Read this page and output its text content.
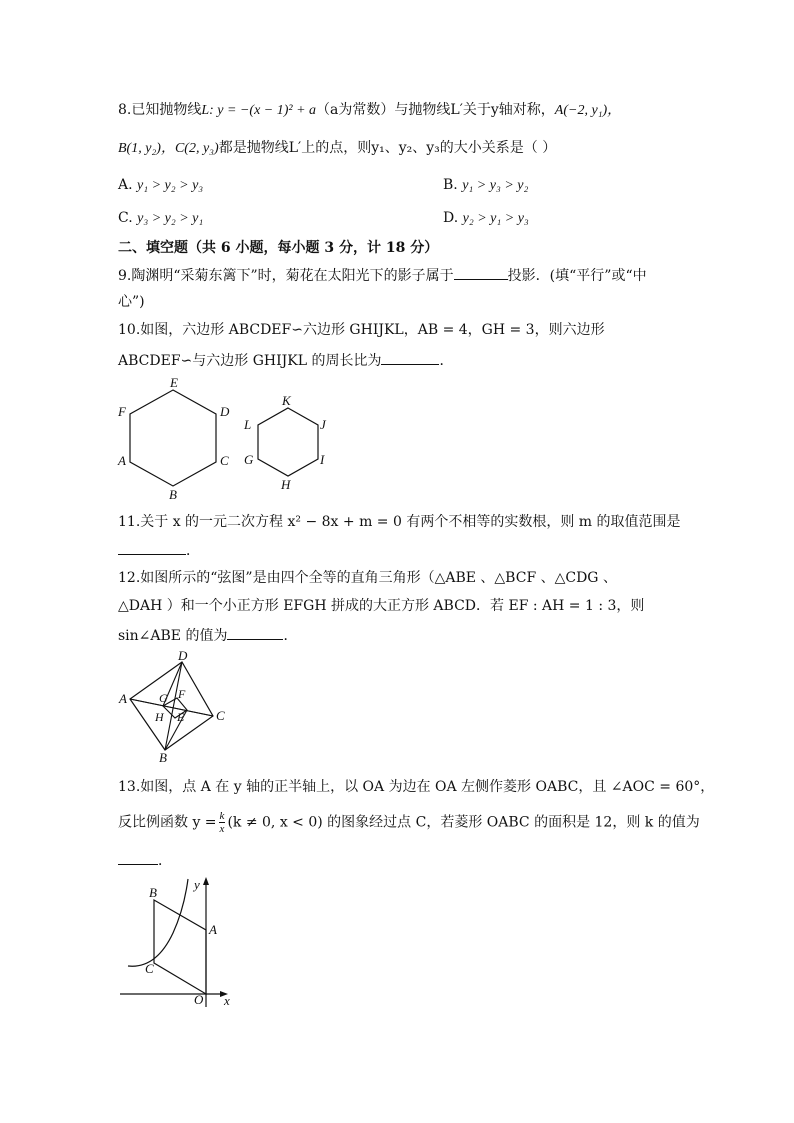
8.已知抛物线L: y = −(x − 1)² + a（a为常数）与抛物线L′关于y轴对称，A(−2, y₁)，
B(1, y₂)，C(2, y₃)都是抛物线L′上的点，则y₁、y₂、y₃的大小关系是（ ）
A. y₁ > y₂ > y₃	B. y₁ > y₃ > y₂
C. y₃ > y₂ > y₁	D. y₂ > y₁ > y₃
二、填空题（共 6 小题，每小题 3 分，计 18 分）
9.陶渊明“采菊东篱下”时，菊花在太阳光下的影子属于	投影．(填“平行”或“中
心”)
10.如图，六边形 ABCDEF∽六边形 GHIJKL，AB = 4，GH = 3，则六边形
ABCDEF∽与六边形 GHIJKL 的周长比为	．
E
D
C
B
A
F
K
J
I
H
G
L
11.关于 x 的一元二次方程 x² − 8x + m = 0 有两个不相等的实数根，则 m 的取值范围是
．
12.如图所示的“弦图”是由四个全等的直角三角形（△ABE 、△BCF 、△CDG 、
△DAH ）和一个小正方形 EFGH 拼成的大正方形 ABCD．若 EF : AH = 1 : 3，则
sin∠ABE 的值为	．
D
A
C
B
G F
H E
13.如图，点 A 在 y 轴的正半轴上，以 OA 为边在 OA 左侧作菱形 OABC，且 ∠AOC = 60°，
反比例函数 $y = \frac{k}{x} (k \ne 0$, x < 0) 的图象经过点 C，若菱形 OABC 的面积是 12，则 k 的值为
．
B
y
A
C
O x
